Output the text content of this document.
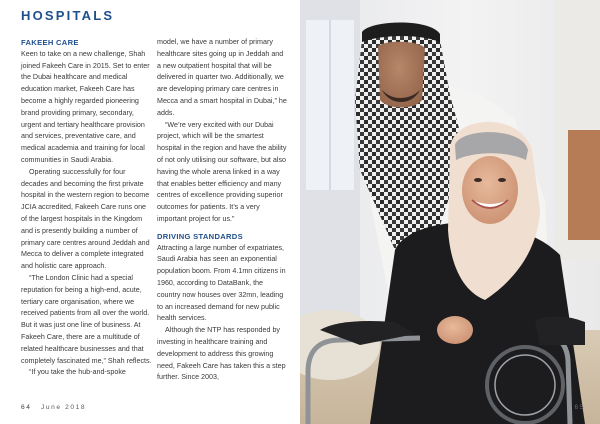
HOSPITALS
FAKEEH CARE

Keen to take on a new challenge, Shah joined Fakeeh Care in 2015. Set to enter the Dubai healthcare and medical education market, Fakeeh Care has become a highly regarded pioneering brand providing primary, secondary, urgent and tertiary healthcare provision and services, preventative care, and medical academia and training for local communities in Saudi Arabia.

Operating successfully for four decades and becoming the first private hospital in the western region to become JCIA accredited, Fakeeh Care runs one of the largest hospitals in the Kingdom and is presently building a number of primary care centres around Jeddah and Mecca to deliver a complete integrated and holistic care approach.

“The London Clinic had a special reputation for being a high-end, acute, tertiary care organisation, where we received patients from all over the world. But it was just one line of business. At Fakeeh Care, there are a multitude of related healthcare businesses and that completely fascinated me,” Shah reflects.

“If you take the hub-and-spoke

model, we have a number of primary healthcare sites going up in Jeddah and a new outpatient hospital that will be delivered in quarter two. Additionally, we are developing primary care centres in Mecca and a smart hospital in Dubai,” he adds.

“We’re very excited with our Dubai project, which will be the smartest hospital in the region and have the ability of not only utilising our software, but also having the whole arena linked in a way that enables better efficiency and many centres of excellence providing superior outcomes for patients. It’s a very important project for us.”

DRIVING STANDARDS

Attracting a large number of expatriates, Saudi Arabia has seen an exponential population boom. From 4.1mn citizens in 1960, according to DataBank, the country now houses over 32mn, leading to an increased demand for new public health services.

Although the NTP has responded by investing in healthcare training and development to address this growing need, Fakeeh Care has taken this a step further. Since 2003,

64 June 2018	65
